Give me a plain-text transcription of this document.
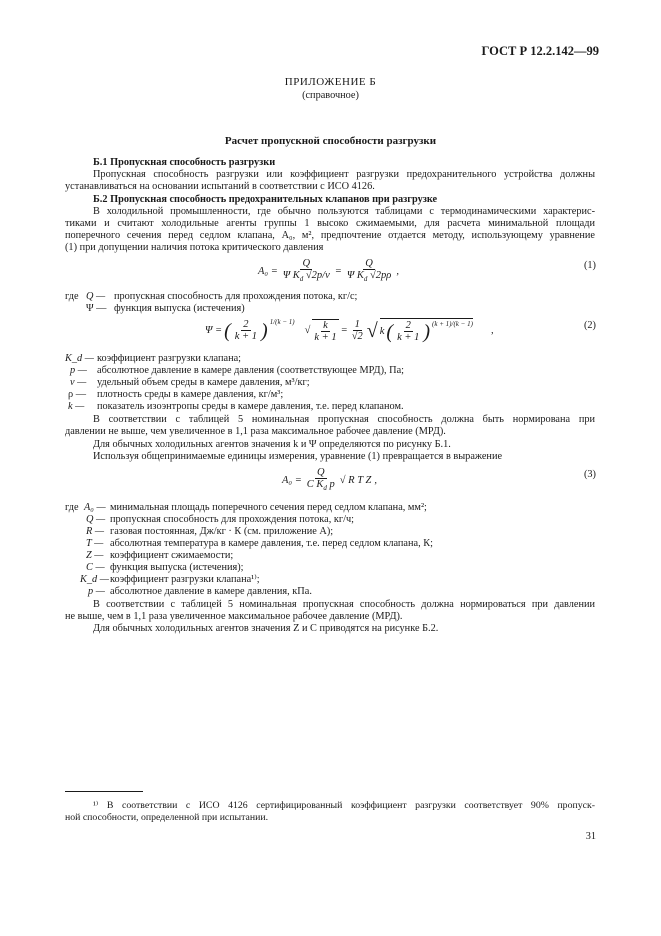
ГОСТ Р 12.2.142—99
ПРИЛОЖЕНИЕ Б
(справочное)
Расчет пропускной способности разгрузки
Б.1 Пропускная способность разгрузки
Пропускная способность разгрузки или коэффициент разгрузки предохранительного устройства должны
устанавливаться на основании испытаний в соответствии с ИСО 4126.
Б.2 Пропускная способность предохранительных клапанов при разгрузке
В холодильной промышленности, где обычно пользуются таблицами с термодинамическими характерис-
тиками и считают холодильные агенты группы 1 высоко сжимаемыми, для расчета минимальной площади
поперечного сечения перед седлом клапана, A₀, м², предпочтение отдается методу, использующему уравнение
(1) при допущении наличия потока критического давления
$A_0 = \frac{Q}{\Psi K_d √2p/v} = \frac{Q}{\Psi K_d √2p\rho}$ ,
(1)
где Q — пропускная способность для прохождения потока, кг/с;
Ψ — функция выпуска (истечения)
Ψ = ( $\frac{2}{k + 1}$ ) $^{1/(k - 1)}$
√ $\frac{k}{k + 1} = \frac{1}{√2}$ √ k ( $\frac{2}{k + 1}$ ) $^{(k + 1)/(k - 1)}$
,	(2)
K_d — коэффициент разгрузки клапана;
p — абсолютное давление в камере давления (соответствующее МРД), Па;
v — удельный объем среды в камере давления, м³/кг;
ρ — плотность среды в камере давления, кг/м³;
k — показатель изоэнтропы среды в камере давления, т.е. перед клапаном.
В соответствии с таблицей 5 номинальная пропускная способность должна быть нормирована при
давлении не выше, чем увеличенное в 1,1 раза максимальное рабочее давление (МРД).
Для обычных холодильных агентов значения k и Ψ определяются по рисунку Б.1.
Используя общепринимаемые единицы измерения, уравнение (1) превращается в выражение
$A_0 = \frac{Q}{C K_d p}$ √ R T Z ,
(3)
где A₀ — минимальная площадь поперечного сечения перед седлом клапана, мм²;
Q — пропускная способность для прохождения потока, кг/ч;
R — газовая постоянная, Дж/кг · К (см. приложение А);
T — абсолютная температура в камере давления, т.е. перед седлом клапана, К;
Z — коэффициент сжимаемости;
C — функция выпуска (истечения);
K_d — коэффициент разгрузки клапана¹⁾;
p — абсолютное давление в камере давления, кПа.
В соответствии с таблицей 5 номинальная пропускная способность должна нормироваться при давлении
не выше, чем в 1,1 раза увеличенное максимальное рабочее давление (МРД).
Для обычных холодильных агентов значения Z и C приводятся на рисунке Б.2.
¹⁾ В соответствии с ИСО 4126 сертифицированный коэффициент разгрузки соответствует 90% пропуск-
ной способности, определенной при испытании.
31
